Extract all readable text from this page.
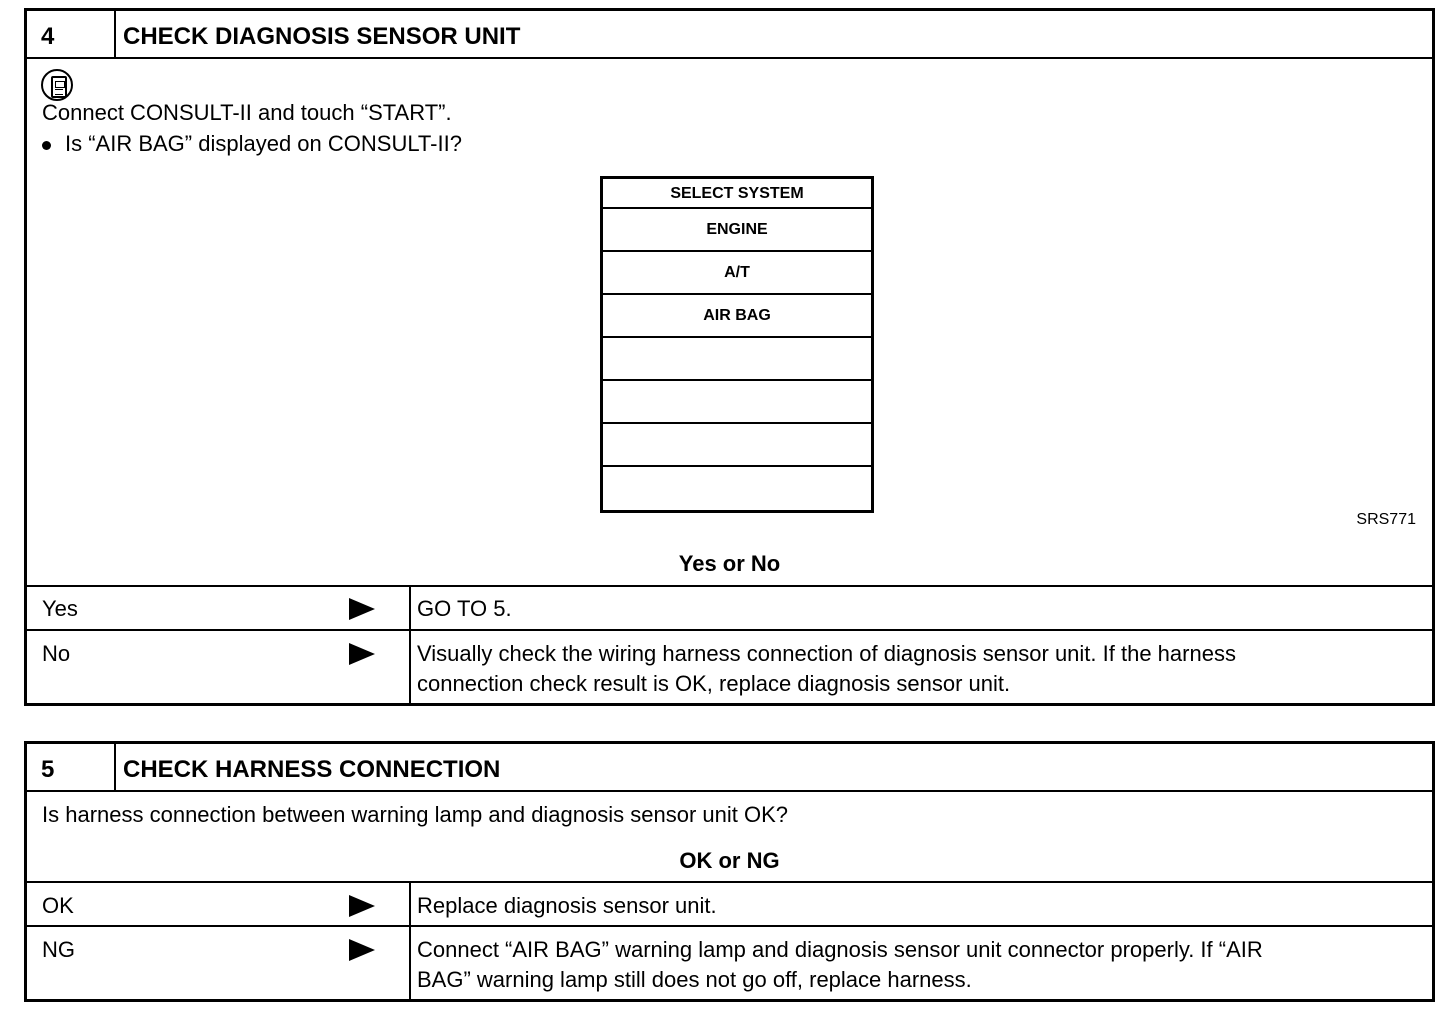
4	CHECK DIAGNOSIS SENSOR UNIT
Connect CONSULT-II and touch “START”.
Is “AIR BAG” displayed on CONSULT-II?
SELECT SYSTEM
ENGINE
A/T
AIR BAG
SRS771
Yes or No
Yes	GO TO 5.
No	Visually check the wiring harness connection of diagnosis sensor unit. If the harness
connection check result is OK, replace diagnosis sensor unit.
5	CHECK HARNESS CONNECTION
Is harness connection between warning lamp and diagnosis sensor unit OK?
OK or NG
OK	Replace diagnosis sensor unit.
NG	Connect “AIR BAG” warning lamp and diagnosis sensor unit connector properly. If “AIR
BAG” warning lamp still does not go off, replace harness.
